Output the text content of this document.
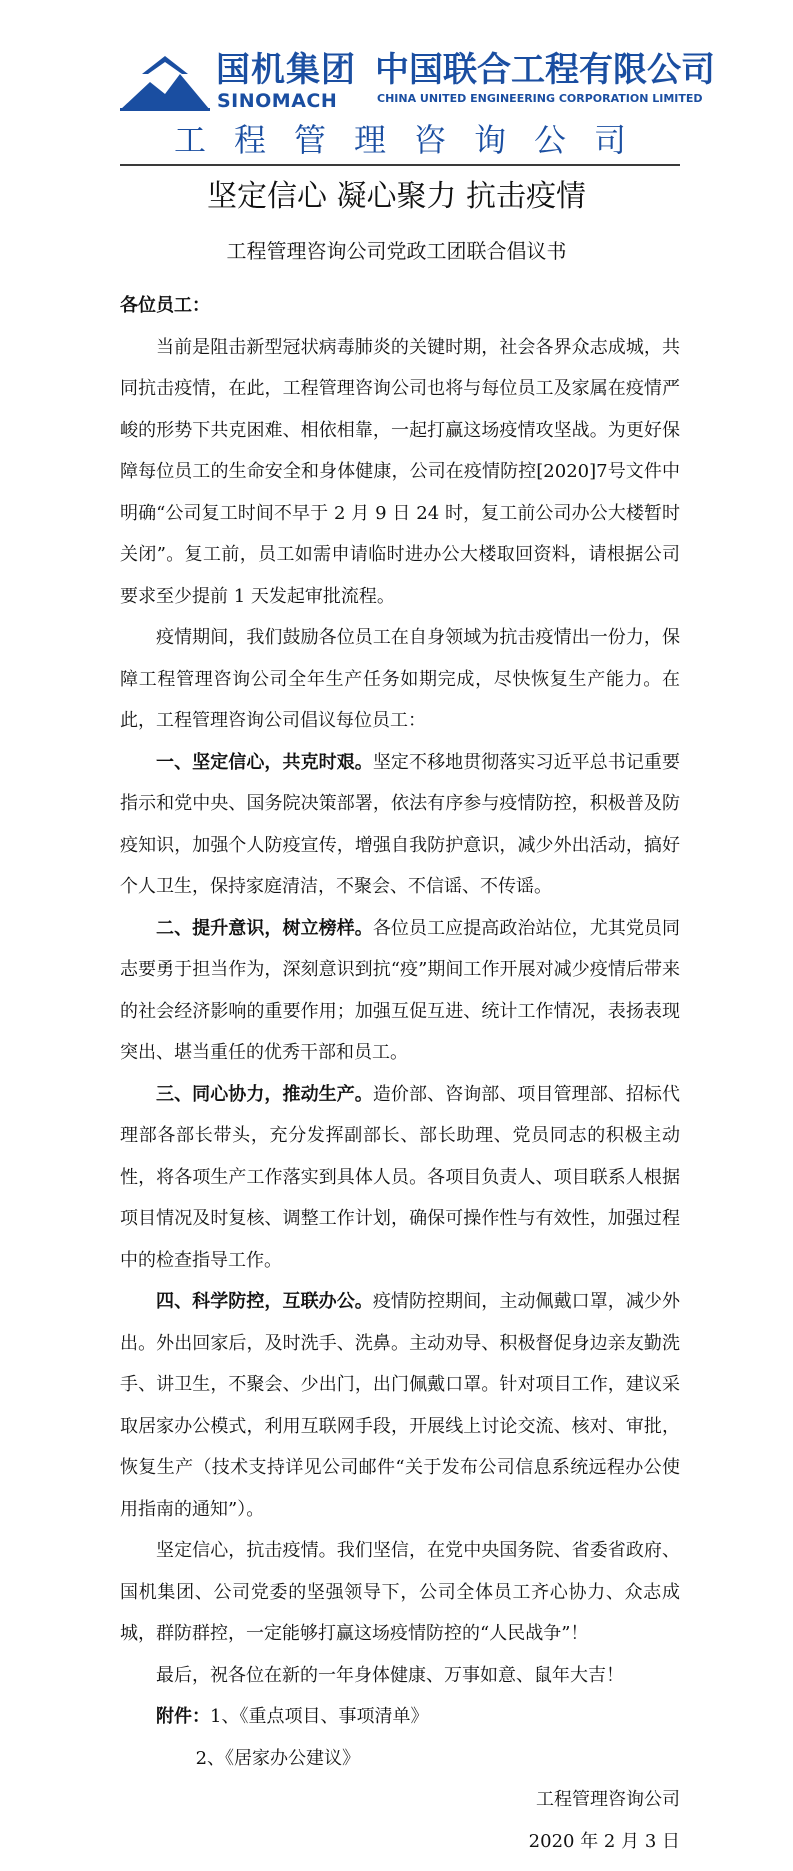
国机集团
SINOMACH
中国联合工程有限公司
CHINA UNITED ENGINEERING CORPORATION LIMITED
工程管理咨询公司
坚定信心 凝心聚力 抗击疫情
工程管理咨询公司党政工团联合倡议书

各位员工：

当前是阻击新型冠状病毒肺炎的关键时期，社会各界众志成城，共同抗击疫情，在此，工程管理咨询公司也将与每位员工及家属在疫情严峻的形势下共克困难、相依相靠，一起打赢这场疫情攻坚战。为更好保障每位员工的生命安全和身体健康，公司在疫情防控[2020]7号文件中明确“公司复工时间不早于 2 月 9 日 24 时，复工前公司办公大楼暂时关闭”。复工前，员工如需申请临时进办公大楼取回资料，请根据公司要求至少提前 1 天发起审批流程。

疫情期间，我们鼓励各位员工在自身领域为抗击疫情出一份力，保障工程管理咨询公司全年生产任务如期完成，尽快恢复生产能力。在此，工程管理咨询公司倡议每位员工：

一、坚定信心，共克时艰。坚定不移地贯彻落实习近平总书记重要指示和党中央、国务院决策部署，依法有序参与疫情防控，积极普及防疫知识，加强个人防疫宣传，增强自我防护意识，减少外出活动，搞好个人卫生，保持家庭清洁，不聚会、不信谣、不传谣。

二、提升意识，树立榜样。各位员工应提高政治站位，尤其党员同志要勇于担当作为，深刻意识到抗“疫”期间工作开展对减少疫情后带来的社会经济影响的重要作用；加强互促互进、统计工作情况，表扬表现突出、堪当重任的优秀干部和员工。

三、同心协力，推动生产。造价部、咨询部、项目管理部、招标代理部各部长带头，充分发挥副部长、部长助理、党员同志的积极主动性，将各项生产工作落实到具体人员。各项目负责人、项目联系人根据项目情况及时复核、调整工作计划，确保可操作性与有效性，加强过程中的检查指导工作。

四、科学防控，互联办公。疫情防控期间，主动佩戴口罩，减少外出。外出回家后，及时洗手、洗鼻。主动劝导、积极督促身边亲友勤洗手、讲卫生，不聚会、少出门，出门佩戴口罩。针对项目工作，建议采取居家办公模式，利用互联网手段，开展线上讨论交流、核对、审批，恢复生产（技术支持详见公司邮件“关于发布公司信息系统远程办公使用指南的通知”）。

坚定信心，抗击疫情。我们坚信，在党中央国务院、省委省政府、国机集团、公司党委的坚强领导下，公司全体员工齐心协力、众志成城，群防群控，一定能够打赢这场疫情防控的“人民战争”！

最后，祝各位在新的一年身体健康、万事如意、鼠年大吉！

附件：1、《重点项目、事项清单》

2、《居家办公建议》

工程管理咨询公司

2020 年 2 月 3 日
